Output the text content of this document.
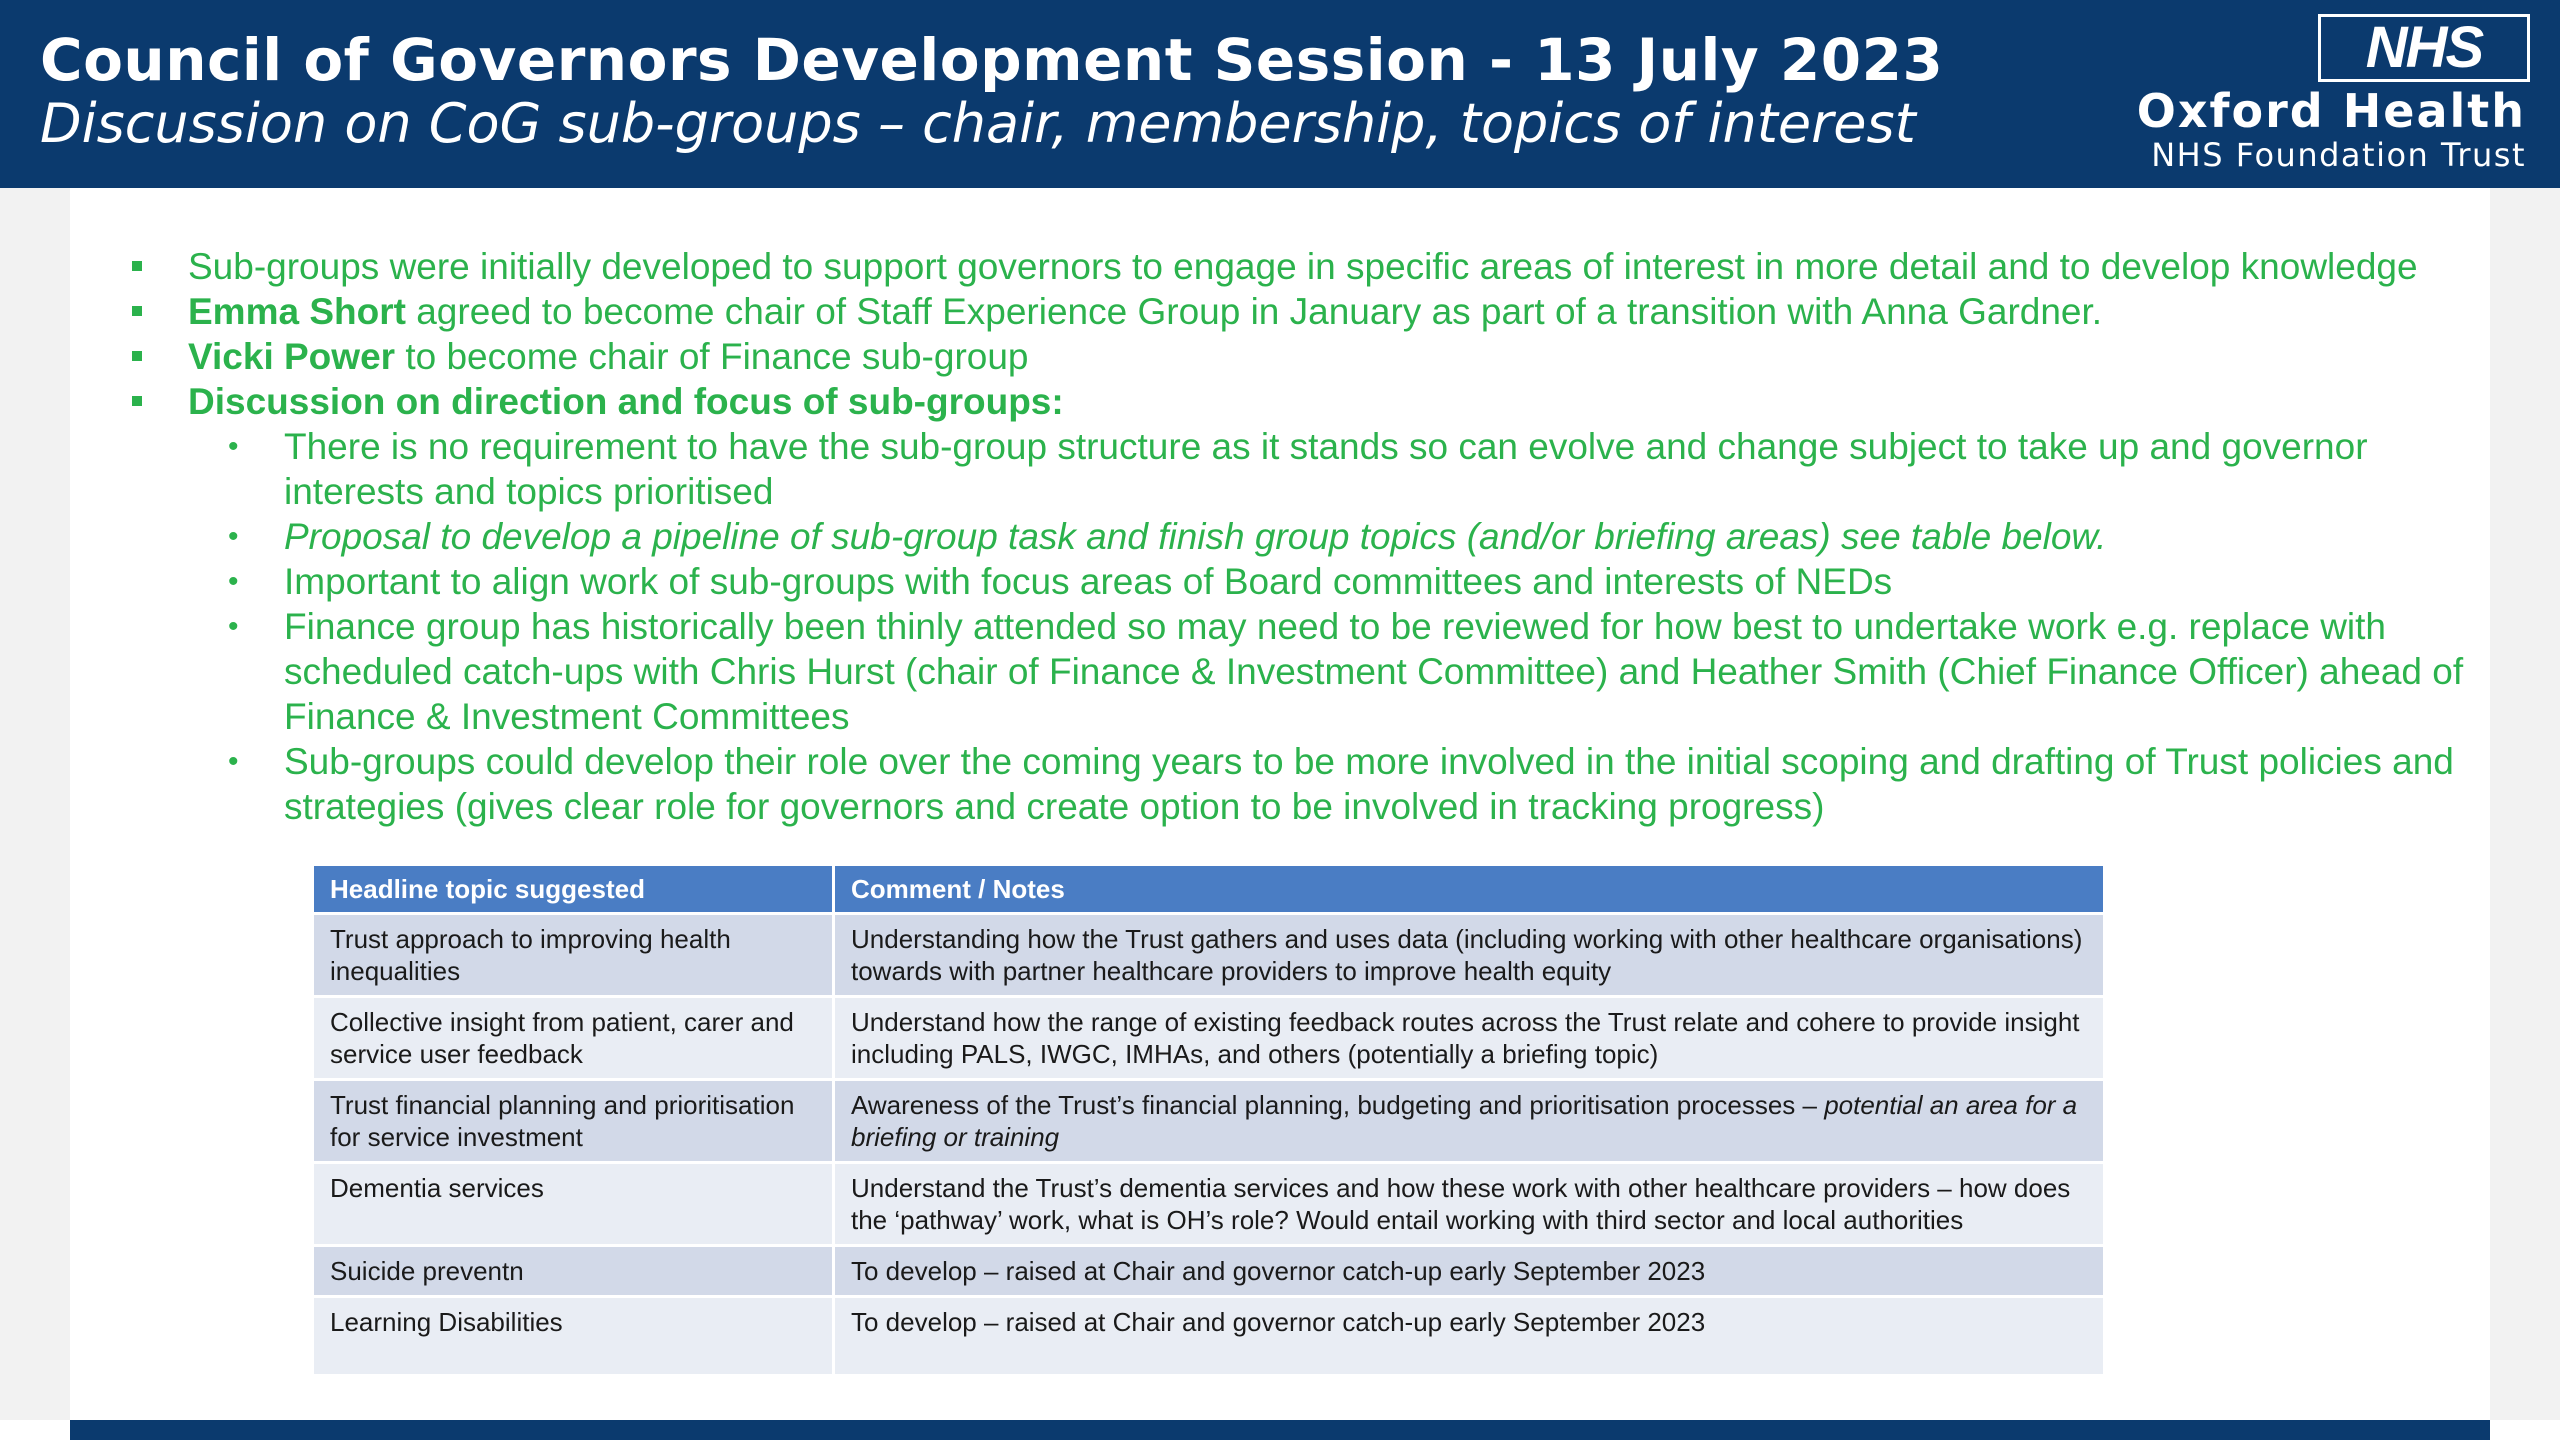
Council of Governors Development Session - 13 July 2023
Discussion on CoG sub-groups – chair, membership, topics of interest
NHS
Oxford Health
NHS Foundation Trust

Sub-groups were initially developed to support governors to engage in specific areas of interest in more detail and to develop knowledge

Emma Short agreed to become chair of Staff Experience Group in January as part of a transition with Anna Gardner.

Vicki Power to become chair of Finance sub-group

Discussion on direction and focus of sub-groups:

• There is no requirement to have the sub-group structure as it stands so can evolve and change subject to take up and governor interests and topics prioritised

• Proposal to develop a pipeline of sub-group task and finish group topics (and/or briefing areas) see table below.

• Important to align work of sub-groups with focus areas of Board committees and interests of NEDs

• Finance group has historically been thinly attended so may need to be reviewed for how best to undertake work e.g. replace with scheduled catch-ups with Chris Hurst (chair of Finance & Investment Committee) and Heather Smith (Chief Finance Officer) ahead of Finance & Investment Committees

• Sub-groups could develop their role over the coming years to be more involved in the initial scoping and drafting of Trust policies and strategies (gives clear role for governors and create option to be involved in tracking progress)

Headline topic suggested	Comment / Notes
Trust approach to improving health inequalities	Understanding how the Trust gathers and uses data (including working with other healthcare organisations) towards with partner healthcare providers to improve health equity
Collective insight from patient, carer and service user feedback	Understand how the range of existing feedback routes across the Trust relate and cohere to provide insight including PALS, IWGC, IMHAs, and others (potentially a briefing topic)
Trust financial planning and prioritisation for service investment	Awareness of the Trust’s financial planning, budgeting and prioritisation processes – potential an area for a briefing or training
Dementia services	Understand the Trust’s dementia services and how these work with other healthcare providers – how does the ‘pathway’ work, what is OH’s role? Would entail working with third sector and local authorities
Suicide preventn	To develop – raised at Chair and governor catch-up early September 2023
Learning Disabilities	To develop – raised at Chair and governor catch-up early September 2023
